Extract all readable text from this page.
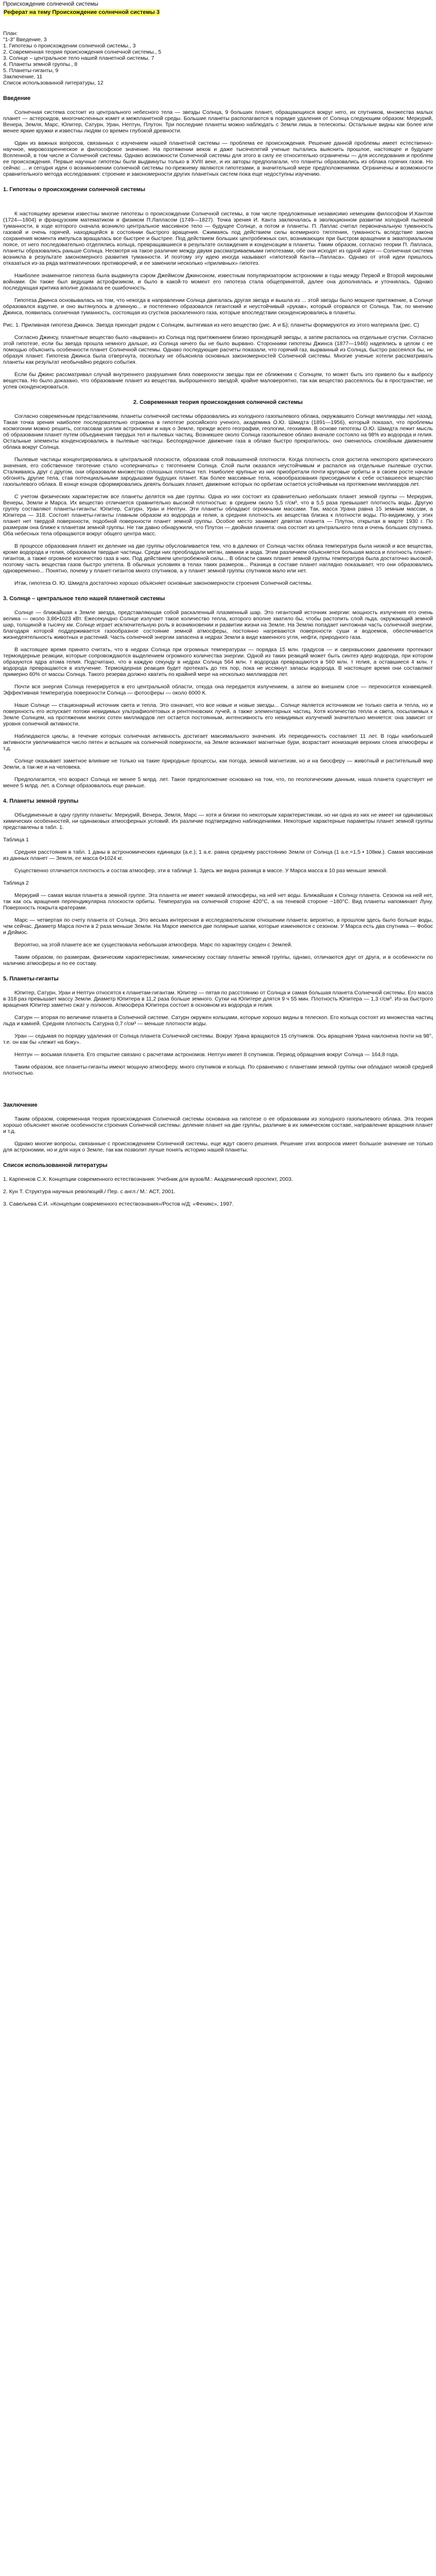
Происхождение солнечной системы
Реферат на тему Происхождение солнечной системы 3
План:
"1-3" Введение, 3
1. Гипотезы о происхождении солнечной системы., 3
2. Современная теория происхождения солнечной системы., 5
3. Солнце – центральное тело нашей планетной системы. 7
4. Планеты земной группы., 8
5. Планеты-гиганты, 9
Заключение, 11
Список использованной литературы, 12
Введение

Солнечная система состоит из центрального небесного тела — звезды Солнца, 9 больших планет, обращающихся вокруг него, их спутников, множества малых планет — астероидов, многочисленных комет и межпланетной среды. Большие планеты располагаются в порядке удаления от Солнца следующим образом: Меркурий, Венера, Земля, Марс, Юпитер, Сатурн, Уран, Нептун, Плутон. Три последние планеты можно наблюдать с Земли лишь в телескопы. Остальные видны как более или менее яркие кружки и известны людям со времен глубокой древности.

Один из важных вопросов, связанных с изучением нашей планетной системы — проблема ее происхождения. Решение данной проблемы имеет естественно-научное, мировоззренческое и философское значение. На протяжении веков и даже тысячелетий ученые пытались выяснить прошлое, настоящее и будущее Вселенной, в том числе и Солнечной системы. Однако возможности Солнечной системы для этого в силу ее относительно ограничены — для исследования и проблем ее происхождения. Первые научные гипотезы были выдвинуты только в XVIII веке, и их авторы предполагали, что планеты образовались из облака горячих газов. Но сейчас ... и сегодня идеи о возникновении солнечной системы по-прежнему являются гипотезами, в значительной мере предположениями. Ограничены и возможности сравнительного метода исследования: строение и закономерности других планетных систем пока еще недоступны изучению.

1. Гипотезы о происхождении солнечной системы

К настоящему времени известны многие гипотезы о происхождении Солнечной системы, в том числе предложенные независимо немецким философом И.Кантом (1724—1804) и французским математиком и физиком П.Лапласом (1749—1827). Точка зрения И. Канта заключалась в эволюционном развитии холодной пылевой туманности, в ходе которого сначала возникло центральное массивное тело — будущее Солнце, а потом и планеты. П. Лаплас считал первоначальную туманность газовой и очень горячей, находящейся в состоянии быстрого вращения. Сжимаясь под действием силы всемирного тяготения, туманность вследствие закона сохранения момента импульса вращалась все быстрее и быстрее. Под действием больших центробежных сил, возникающих при быстром вращении в экваториальном поясе, от него последовательно отделялись кольца, превращавшиеся в результате охлаждения и конденсации в планеты. Таким образом, согласно теории П. Лапласа, планеты образовались раньше Солнца. Несмотря на такое различие между двумя рассматриваемыми гипотезами, обе они исходят из одной идеи — Солнечная система возникла в результате закономерного развития туманности. И поэтому эту идею иногда называют «гипотезой Канта—Лапласа». Однако от этой идеи пришлось отказаться из-за ряда математических противоречий, и ее заменили несколько «приливных» гипотез.

Наиболее знаменитое гипотеза была выдвинута сэром Джеймсом Джинсоном, известным популяризатором астрономии в годы между Первой и Второй мировыми войнами. Он также был ведущим астрофизиком, и было в какой-то момент его гипотеза стала общепринятой, далее она дополнялась и уточнялась. Однако последующая критика вполне доказала ее ошибочность.

Гипотеза Джинса основывалась на том, что некогда в направлении Солнца двигалась другая звезда и вышла из ... этой звезды было мощное притяжение, в Солнце образовался вздутие, и оно вытянулось в длинную... и постепенно образовался гигантский и неустойчивый «рукав», который оторвался от Солнца. Так, по мнению Джинса, появилась солнечная туманность, состоящая из сгустков раскаленного газа, которые впоследствии сконденсировались в планеты.

Рис. 1. Приливная гипотеза Джинса. Звезда приходит рядом с Солнцем, вытягивая из него вещество (рис. А и Б); планеты формируются из этого материала (рис. С)

Согласно Джинсу, планетные вещество было «вырвано» из Солнца под притяжением близко проходящей звезды, а затем распалось на отдельные сгустки. Согласно этой гипотезе, если бы звезда прошла немного дальше, из Солнца ничего бы не было вырвано. Сторонники гипотезы Джинса (1877—1946) надеялись в целом с ее помощью объяснить особенности планет Солнечной системы. Однако последующие расчеты показали, что горячий газ, вырванный из Солнца, быстро рассеялся бы, не образуя планет. Гипотеза Джинса была отвергнута, поскольку не объясняла основных закономерностей Солнечной системы. Многие ученые хотели рассматривать планеты как результат необычайно редкого события.

Если бы Джинс рассматривал случай внутреннего разрушения близ поверхности звезды при ее сближении с Солнцем, то может быть это привело бы к выбросу вещества. Но было доказано, что образование планет из вещества, выброшенного звездой, крайне маловероятно, так как вещество рассеялось бы в пространстве, не успев сконденсироваться.

2. Современная теория происхождения солнечной системы

Согласно современным представлениям, планеты солнечной системы образовались из холодного газопылевого облака, окружавшего Солнце миллиарды лет назад. Такая точка зрения наиболее последовательно отражена в гипотезе российского ученого, академика О.Ю. Шмидта (1891—1956), который показал, что проблемы космогонии можно решить, согласовав усилия астрономии и наук о Земле, прежде всего географии, геологии, геохимии. В основе гипотезы О.Ю. Шмидта лежит мысль об образовании планет путем объединения твердых тел и пылевых частиц. Возникшее около Солнца газопылевое облако вначале состояло на 98% из водорода и гелия. Остальные элементы конденсировались в пылевые частицы. Беспорядочное движение газа в облаке быстро прекратилось: оно сменилось спокойным движением облака вокруг Солнца.

Пылевые частицы концентрировались в центральной плоскости, образовав слой повышенной плотности. Когда плотность слоя достигла некоторого критического значения, его собственное тяготение стало «соперничать» с тяготением Солнца. Слой пыли оказался неустойчивым и распался на отдельные пылевые сгустки. Сталкиваясь друг с другом, они образовали множество сплошных плотных тел. Наиболее крупные из них приобретали почти круговые орбиты и в своем росте начали обгонять другие тела, став потенциальными зародышами будущих планет. Как более массивные тела, новообразования присоединяли к себе оставшееся вещество газопылевого облака. В конце концов сформировались девять больших планет, движение которых по орбитам остается устойчивым на протяжении миллиардов лет.

С учетом физических характеристик все планеты делятся на две группы. Одна из них состоит из сравнительно небольших планет земной группы — Меркурия, Венеры, Земли и Марса. Их вещество отличается сравнительно высокой плотностью: в среднем около 5,5 г/см³, что в 5,5 раза превышает плотность воды. Другую группу составляют планеты-гиганты: Юпитер, Сатурн, Уран и Нептун. Эти планеты обладают огромными массами. Так, масса Урана равна 15 земным массам, а Юпитера — 318. Состоят планеты-гиганты главным образом из водорода и гелия, а средняя плотность их вещества близка к плотности воды. По-видимому, у этих планет нет твердой поверхности, подобной поверхности планет земной группы. Особое место занимает девятая планета — Плутон, открытая в марте 1930 г. По размерам она ближе к планетам земной группы. Не так давно обнаружили, что Плутон — двойная планета: она состоит из центрального тела и очень больших спутника. Оба небесных тела обращаются вокруг общего центра масс.

В процессе образования планет их деление на две группы обусловливается тем, что в далеких от Солнца частях облака температура была низкой и все вещества, кроме водорода и гелия, образовали твердые частицы. Среди них преобладали метан, аммиак и вода. Этим различием объясняется большая масса и плотность планет-гигантов, а также огромное количество газа в них. Под действием центробежной силы... В области самих планет земной группы температура была достаточно высокой, поэтому часть вещества газов быстро улетела. В обычных условиях в телах таких размеров... Разница в составе планет наглядно показывает, что они образовались одновременно... Понятно, почему у планет-гигантов много спутников, а у планет земной группы спутников мало или нет.

Итак, гипотеза О. Ю. Шмидта достаточно хорошо объясняет основные закономерности строения Солнечной системы.

3. Солнце – центральное тело нашей планетной системы

Солнце — ближайшая к Земле звезда, представляющая собой раскаленный плазменный шар. Это гигантский источник энергии: мощность излучения его очень велика — около 3,86•1023 кВт. Ежесекундно Солнце излучает такое количество тепла, которого вполне хватило бы, чтобы растопить слой льда, окружающий земной шар, толщиной в тысячу км. Солнце играет исключительную роль в возникновении и развитии жизни на Земле. На Землю попадает ничтожная часть солнечной энергии, благодаря которой поддерживается газообразное состояние земной атмосферы, постоянно нагреваются поверхности суши и водоемов, обеспечивается жизнедеятельность животных и растений. Часть солнечной энергии запасена в недрах Земли в виде каменного угля, нефти, природного газа.

В настоящее время принято считать, что в недрах Солнца при огромных температурах — порядка 15 млн. градусов — и сверхвысоких давлениях протекают термоядерные реакции, которые сопровождаются выделением огромного количества энергии. Одной из таких реакций может быть синтез ядер водорода, при котором образуются ядра атома гелия. Подсчитано, что в каждую секунду в недрах Солнца 564 млн. т водорода превращаются в 560 млн. т гелия, а оставшиеся 4 млн. т водорода превращаются в излучение. Термоядерная реакция будет протекать до тех пор, пока не иссякнут запасы водорода. В настоящее время они составляют примерно 60% от массы Солнца. Такого резерва должно хватить по крайней мере на несколько миллиардов лет.

Почти вся энергия Солнца генерируется в его центральной области, откуда она передается излучением, а затем во внешнем слое — переносится конвекцией. Эффективная температура поверхности Солнца — фотосферы — около 6000 К.

Наше Солнце — стационарный источник света и тепла. Это означает, что все новые и новые звезды... Солнце является источником не только света и тепла, но и поверхность его испускает потоки невидимых ультрафиолетовых и рентгеновских лучей, а также элементарных частиц. Хотя количество тепла и света, посылаемых к Земле Солнцем, на протяжении многих сотен миллиардов лет остается постоянным, интенсивность его невидимых излучений значительно меняется: она зависит от уровня солнечной активности.

Наблюдаются циклы, в течение которых солнечная активность достигает максимального значения. Их периодичность составляет 11 лет. В годы наибольшей активности увеличивается число пятен и вспышек на солнечной поверхности, на Земле возникают магнитные бури, возрастает ионизация верхних слоев атмосферы и т.д.

Солнце оказывает заметное влияние не только на такие природные процессы, как погода, земной магнетизм, но и на биосферу — животный и растительный мир Земли, а так-же и на человека.

Предполагается, что возраст Солнца не менее 5 млрд. лет. Такое предположение основано на том, что, по геологическим данным, наша планета существует не менее 5 млрд. лет, а Солнце образовалось еще раньше.

4. Планеты земной группы

Объединенные в одну группу планеты: Меркурий, Венера, Земля, Марс — хотя и близки по некоторым характеристикам, но ни одна из них не имеет ни одинаковых химических особенностей, ни одинаковых атмосферных условий. Их различие подтверждено наблюдениями. Некоторые характерные параметры планет земной группы представлены в табл. 1.

Таблица 1

Средняя расстояния в табл. 1 даны в астрономических единицах (а.е.); 1 а.е. равна среднему расстоянию Земли от Солнца (1 а.е.=1,5 • 108км.). Самая массивная из данных планет — Земля, ее масса 6•1024 кг.

Существенно отличается плотность и состав атмосфер, эти в таблице 1. Здесь же видна разница в массе. У Марса масса в 10 раз меньше земной.

Таблица 2

Меркурий — самая малая планета в земной группе. Эта планета не имеет никакой атмосферы, на ней нет воды. Ближайшая к Солнцу планета. Сезонов на ней нет, так как ось вращения перпендикулярна плоскости орбиты. Температура на солнечной стороне 420°С, а на теневой стороне −180°С. Вид планеты напоминает Луну. Поверхность покрыта кратерами.

Марс — четвертая по счету планета от Солнца. Это весьма интересная в исследовательском отношении планета: вероятно, в прошлом здесь было больше воды, чем сейчас. Диаметр Марса почти в 2 раза меньше Земли. На Марсе имеются две полярные шапки, которые изменяются с сезоном. У Марса есть два спутника — Фобос и Деймос.

Вероятно, на этой планете все же существовала небольшая атмосфера. Марс по характеру сходен с Землей.

Таким образом, по размерам, физическим характеристикам, химическому составу планеты земной группы, однако, отличаются друг от друга, и в особенности по наличию атмосферы и по ее составу.

5. Планеты-гиганты

Юпитер, Сатурн, Уран и Нептун относятся к планетам-гигантам. Юпитер — пятая по расстоянию от Солнца и самая большая планета Солнечной системы. Его масса в 318 раз превышает массу Земли. Диаметр Юпитера в 11,2 раза больше земного. Сутки на Юпитере длятся 9 ч 55 мин. Плотность Юпитера — 1,3 г/см³. Из-за быстрого вращения Юпитер заметно сжат у полюсов. Атмосфера Юпитера состоит в основном из водорода и гелия.

Сатурн — вторая по величине планета в Солнечной системе. Сатурн окружен кольцами, которые хорошо видны в телескоп. Его кольца состоят из множества частиц льда и камней. Средняя плотность Сатурна 0,7 г/см³ — меньше плотности воды.

Уран — седьмая по порядку удаления от Солнца планета Солнечной системы. Вокруг Урана вращаются 15 спутников. Ось вращения Урана наклонена почти на 98°, т.е. он как бы «лежит на боку».

Нептун — восьмая планета. Его открытие связано с расчетами астрономов. Нептун имеет 8 спутников. Период обращения вокруг Солнца — 164,8 года.

Таким образом, все планеты-гиганты имеют мощную атмосферу, много спутников и кольца. По сравнению с планетами земной группы они обладают низкой средней плотностью.

Заключение

Таким образом, современная теория происхождения Солнечной системы основана на гипотезе о ее образовании из холодного газопылевого облака. Эта теория хорошо объясняет многие особенности строения Солнечной системы: деление планет на две группы, различие в их химическом составе, направление вращения планет и т.д.

Однако многие вопросы, связанные с происхождением Солнечной системы, еще ждут своего решения. Решение этих вопросов имеет большое значение не только для астрономии, но и для наук о Земле, так как позволит лучше понять историю нашей планеты.

Список использованной литературы

1. Карпенков С.Х. Концепции современного естествознания: Учебник для вузов/М.: Академический проспект, 2003.

2. Кун Т. Структура научных революций./ Пер. с англ./ М.: АСТ, 2001.

3. Савельева С.И. «Концепции современного естествознания»/Ростов н/Д: «Феникс», 1997.
